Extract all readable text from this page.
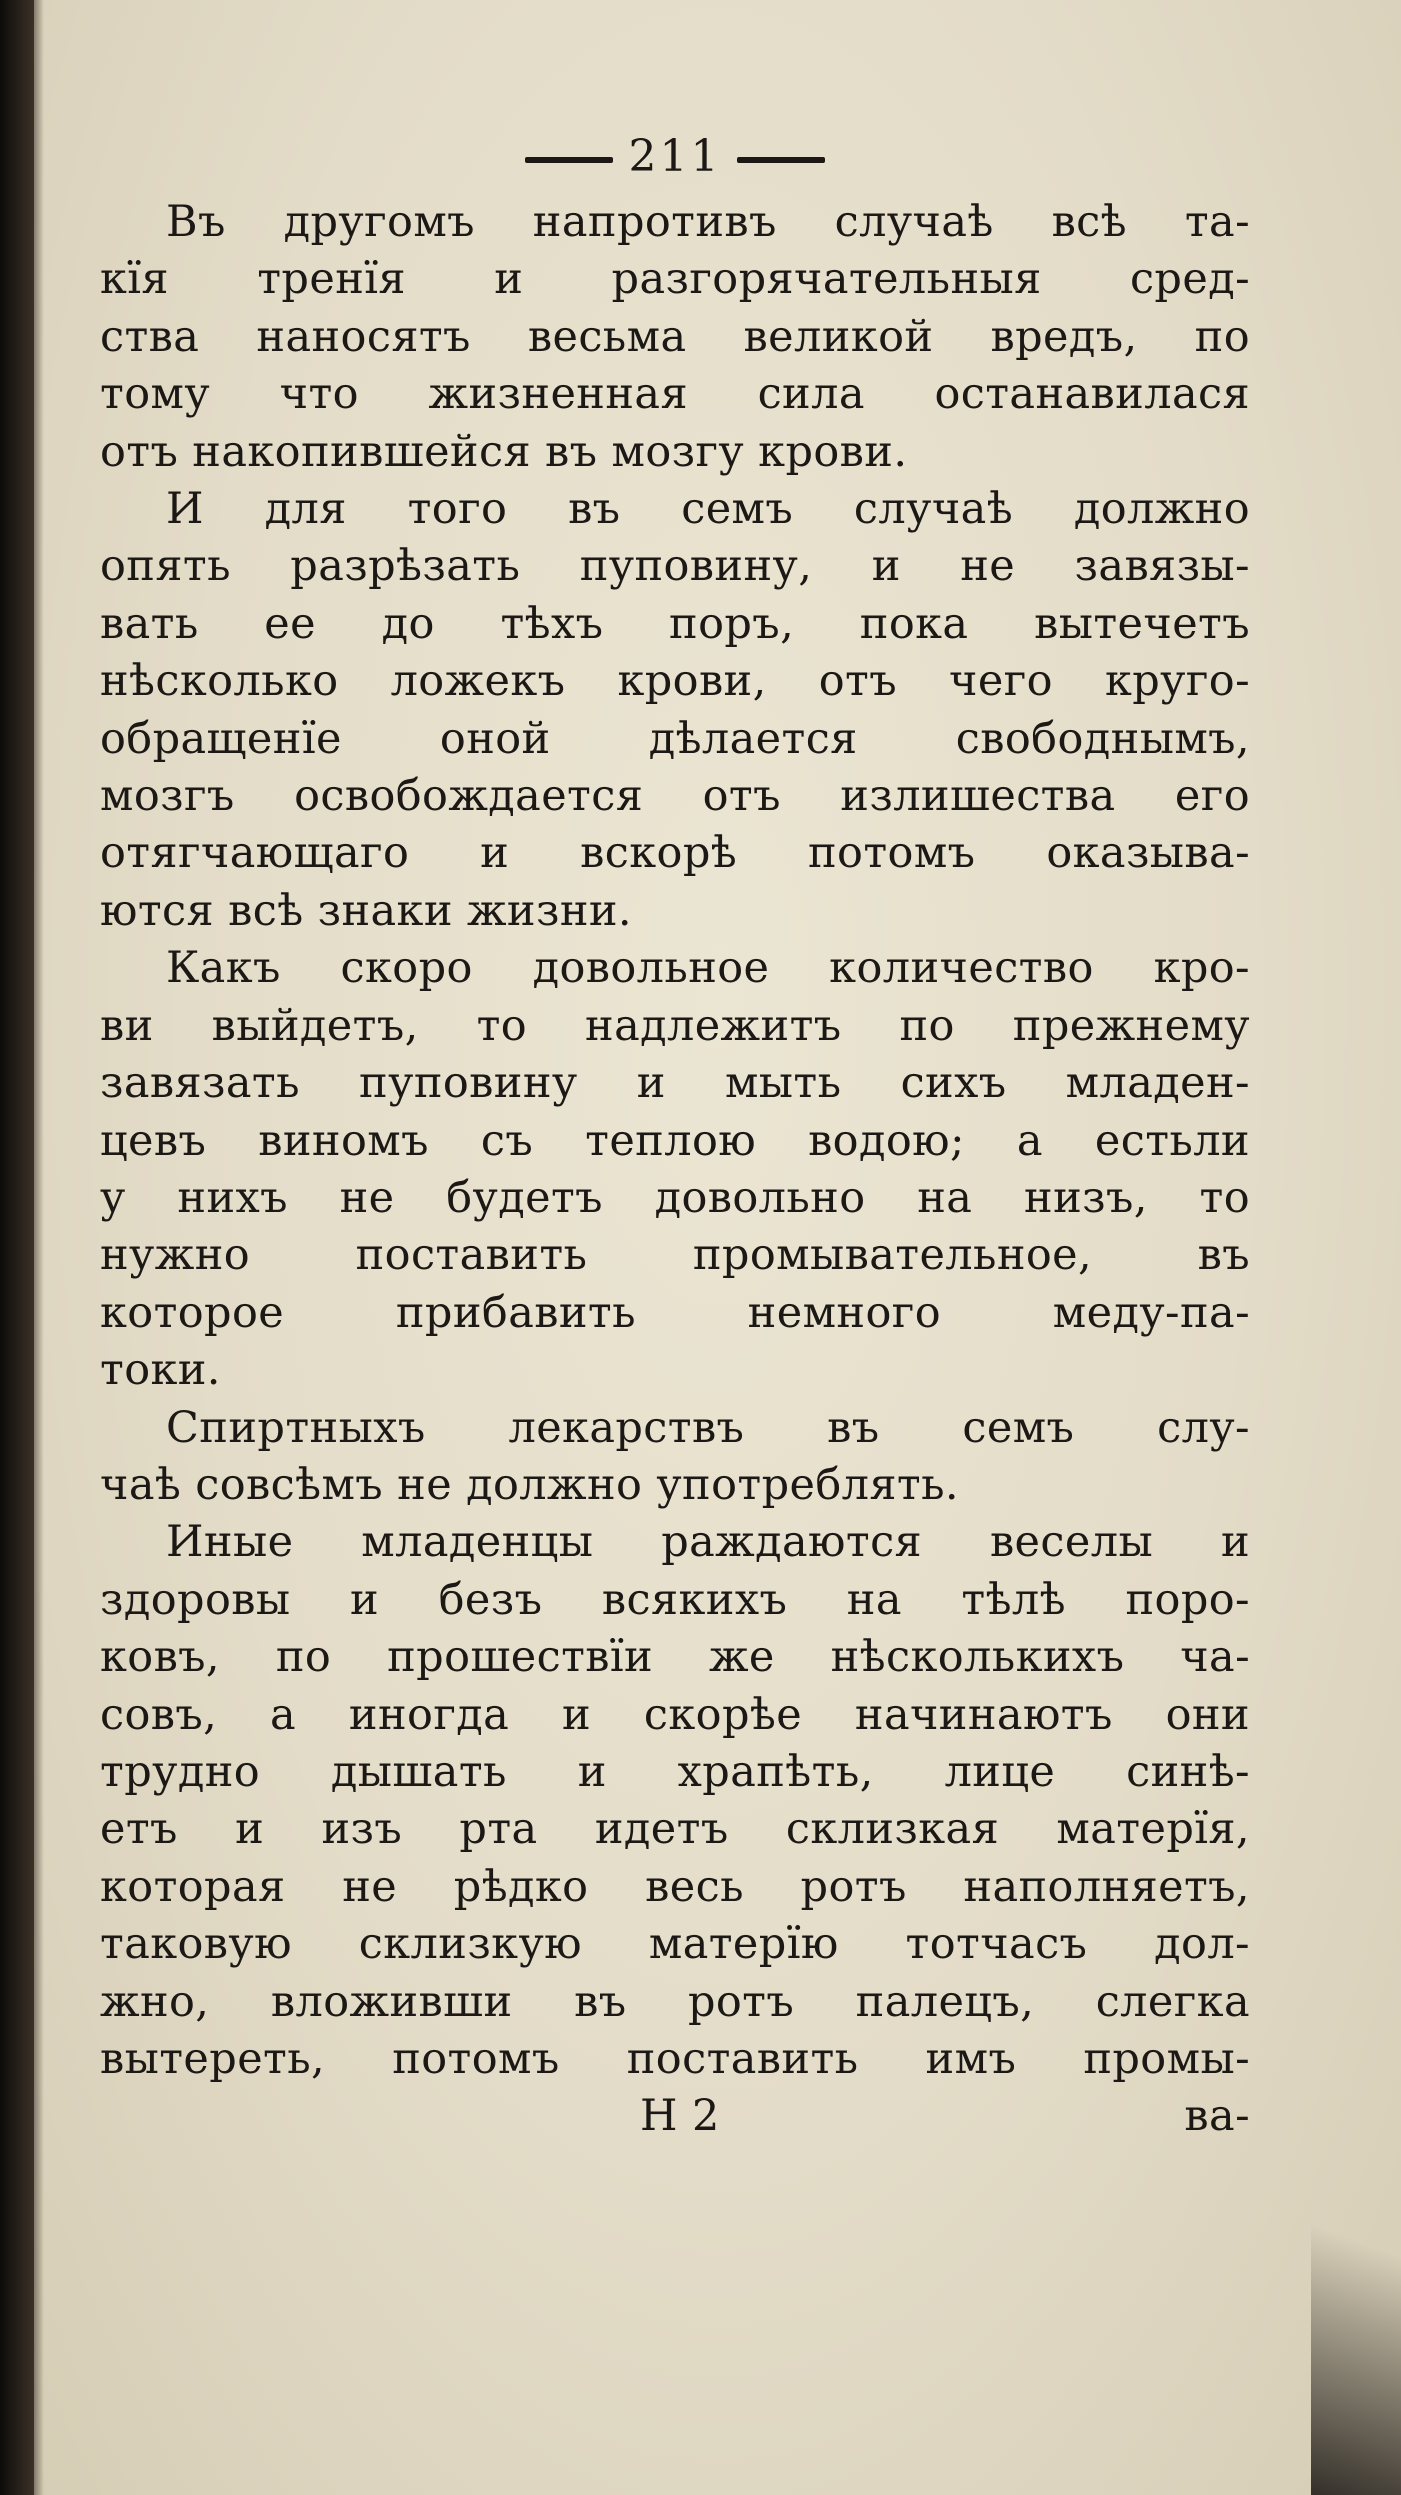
211

Въ другомъ напротивъ случаѣ всѣ та-

кїя тренїя и разгорячательныя сред-

ства наносятъ весьма великой вредъ, по

тому что жизненная сила останавилася

отъ накопившейся въ мозгу крови.

И для того въ семъ случаѣ должно

опять разрѣзать пуповину, и не завязы-

вать ее до тѣхъ поръ, пока вытечетъ

нѣсколько ложекъ крови, отъ чего круго-

обращенїе оной дѣлается свободнымъ,

мозгъ освобождается отъ излишества его

отягчающаго и вскорѣ потомъ оказыва-

ются всѣ знаки жизни.

Какъ скоро довольное количество кро-

ви выйдетъ, то надлежитъ по прежнему

завязать пуповину и мыть сихъ младен-

цевъ виномъ съ теплою водою; а естьли

у нихъ не будетъ довольно на низъ, то

нужно поставить промывательное, въ

которое прибавить немного меду-па-

токи.

Спиртныхъ лекарствъ въ семъ слу-

чаѣ совсѣмъ не должно употреблять.

Иные младенцы раждаются веселы и

здоровы и безъ всякихъ на тѣлѣ поро-

ковъ, по прошествїи же нѣсколькихъ ча-

совъ, а иногда и скорѣе начинаютъ они

трудно дышать и храпѣть, лице синѣ-

етъ и изъ рта идетъ склизкая матерїя,

которая не рѣдко весь ротъ наполняетъ,

таковую склизкую матерїю тотчасъ дол-

жно, вложивши въ ротъ палецъ, слегка

вытереть, потомъ поставить имъ промы-

Н 2	ва-
